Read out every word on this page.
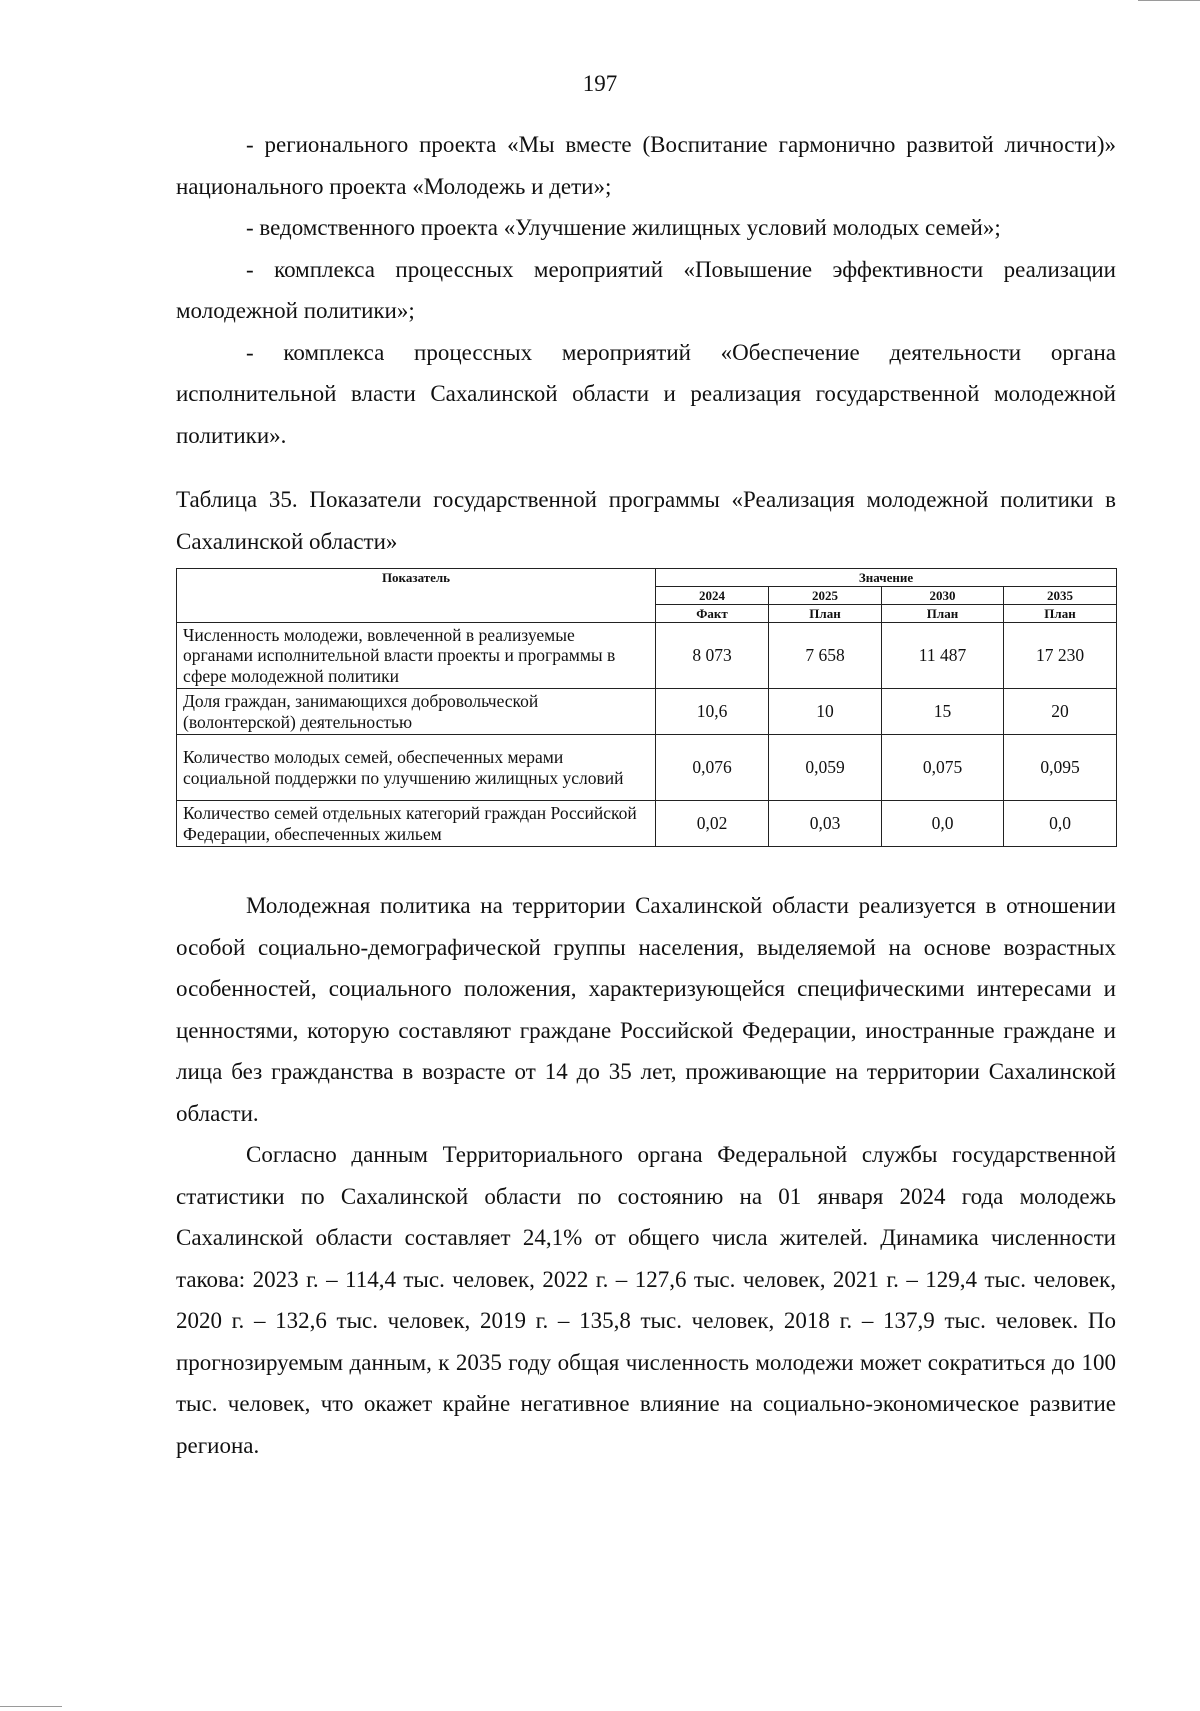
197

- регионального проекта «Мы вместе (Воспитание гармонично развитой личности)» национального проекта «Молодежь и дети»;

- ведомственного проекта «Улучшение жилищных условий молодых семей»;

- комплекса процессных мероприятий «Повышение эффективности реализации молодежной политики»;

- комплекса процессных мероприятий «Обеспечение деятельности органа исполнительной власти Сахалинской области и реализация государственной молодежной политики».

Таблица 35. Показатели государственной программы «Реализация молодежной политики в Сахалинской области»

Показатель	Значение			
	2024	2025	2030	2035
	Факт	План	План	План
Численность молодежи, вовлеченной в реализуемые органами исполнительной власти проекты и программы в сфере молодежной политики	8 073	7 658	11 487	17 230
Доля граждан, занимающихся добровольческой (волонтерской) деятельностью	10,6	10	15	20
Количество молодых семей, обеспеченных мерами социальной поддержки по улучшению жилищных условий	0,076	0,059	0,075	0,095
Количество семей отдельных категорий граждан Российской Федерации, обеспеченных жильем	0,02	0,03	0,0	0,0

Молодежная политика на территории Сахалинской области реализуется в отношении особой социально-демографической группы населения, выделяемой на основе возрастных особенностей, социального положения, характеризующейся специфическими интересами и ценностями, которую составляют граждане Российской Федерации, иностранные граждане и лица без гражданства в возрасте от 14 до 35 лет, проживающие на территории Сахалинской области.

Согласно данным Территориального органа Федеральной службы государственной статистики по Сахалинской области по состоянию на 01 января 2024 года молодежь Сахалинской области составляет 24,1% от общего числа жителей. Динамика численности такова: 2023 г. – 114,4 тыс. человек, 2022 г. – 127,6 тыс. человек, 2021 г. – 129,4 тыс. человек, 2020 г. – 132,6 тыс. человек, 2019 г. – 135,8 тыс. человек, 2018 г. – 137,9 тыс. человек. По прогнозируемым данным, к 2035 году общая численность молодежи может сократиться до 100 тыс. человек, что окажет крайне негативное влияние на социально-экономическое развитие региона.
